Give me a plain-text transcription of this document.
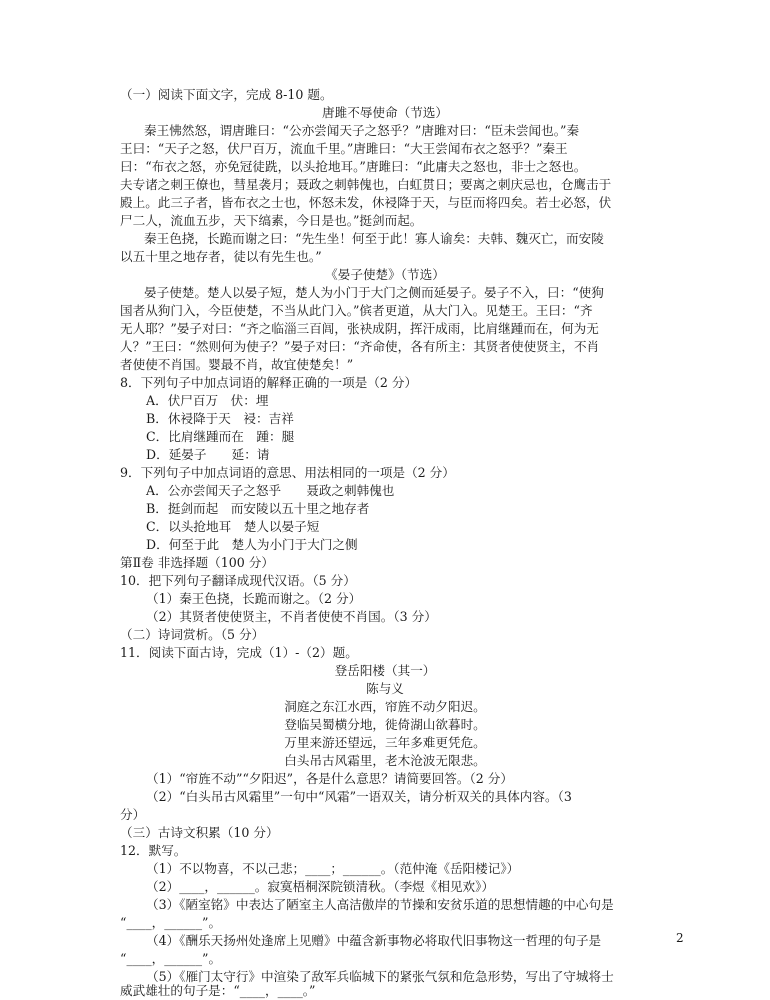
（一）阅读下面文字，完成 8-10 题。
唐雎不辱使命（节选）
秦王怫然怒，谓唐雎曰：“公亦尝闻天子之怒乎？”唐雎对曰：“臣未尝闻也。”秦
王曰：“天子之怒，伏尸百万，流血千里。”唐雎曰：“大王尝闻布衣之怒乎？”秦王
曰：“布衣之怒，亦免冠徒跣，以头抢地耳。”唐雎曰：“此庸夫之怒也，非士之怒也。
夫专诸之刺王僚也，彗星袭月；聂政之刺韩傀也，白虹贯日；要离之刺庆忌也，仓鹰击于
殿上。此三子者，皆布衣之士也，怀怒未发，休祲降于天，与臣而将四矣。若士必怒，伏
尸二人，流血五步，天下缟素，今日是也。”挺剑而起。
秦王色挠，长跪而谢之曰：“先生坐！何至于此！寡人谕矣：夫韩、魏灭亡，而安陵
以五十里之地存者，徒以有先生也。”
《晏子使楚》（节选）
晏子使楚。楚人以晏子短，楚人为小门于大门之侧而延晏子。晏子不入，曰：“使狗
国者从狗门入，今臣使楚，不当从此门入。”傧者更道，从大门入。见楚王。王曰：“齐
无人耶？”晏子对曰：“齐之临淄三百闾，张袂成阴，挥汗成雨，比肩继踵而在，何为无
人？”王曰：“然则何为使子？”晏子对曰：“齐命使，各有所主：其贤者使使贤主，不肖
者使使不肖国。婴最不肖，故宜使楚矣！”
8．下列句子中加点词语的解释正确的一项是（2 分）
A．伏尸百万　伏：埋
B．休祲降于天　祲：吉祥
C．比肩继踵而在　踵：腿
D．延晏子　　延：请
9．下列句子中加点词语的意思、用法相同的一项是（2 分）
A．公亦尝闻天子之怒乎　　聂政之刺韩傀也
B．挺剑而起　而安陵以五十里之地存者
C．以头抢地耳　楚人以晏子短
D．何至于此　楚人为小门于大门之侧
第Ⅱ卷 非选择题（100 分）
10．把下列句子翻译成现代汉语。（5 分）
（1）秦王色挠，长跪而谢之。（2 分）
（2）其贤者使使贤主，不肖者使使不肖国。（3 分）
（二）诗词赏析。（5 分）
11．阅读下面古诗，完成（1）-（2）题。
登岳阳楼（其一）
陈与义
洞庭之东江水西，帘旌不动夕阳迟。
登临吴蜀横分地，徙倚湖山欲暮时。
万里来游还望远，三年多难更凭危。
白头吊古风霜里，老木沧波无限悲。
（1）“帘旌不动”“夕阳迟”，各是什么意思？请简要回答。（2 分）
（2）“白头吊古风霜里”一句中“风霜”一语双关，请分析双关的具体内容。（3
分）
（三）古诗文积累（10 分）
12．默写。
（1）不以物喜，不以己悲；____；______。（范仲淹《岳阳楼记》）
（2）____，______。寂寞梧桐深院锁清秋。（李煜《相见欢》）
（3）《陋室铭》中表达了陋室主人高洁傲岸的节操和安贫乐道的思想情趣的中心句是
“____，______”。
（4）《酬乐天扬州处逢席上见赠》中蕴含新事物必将取代旧事物这一哲理的句子是
“____，______”。
（5）《雁门太守行》中渲染了敌军兵临城下的紧张气氛和危急形势，写出了守城将士
威武雄壮的句子是：“____，____。”
2
